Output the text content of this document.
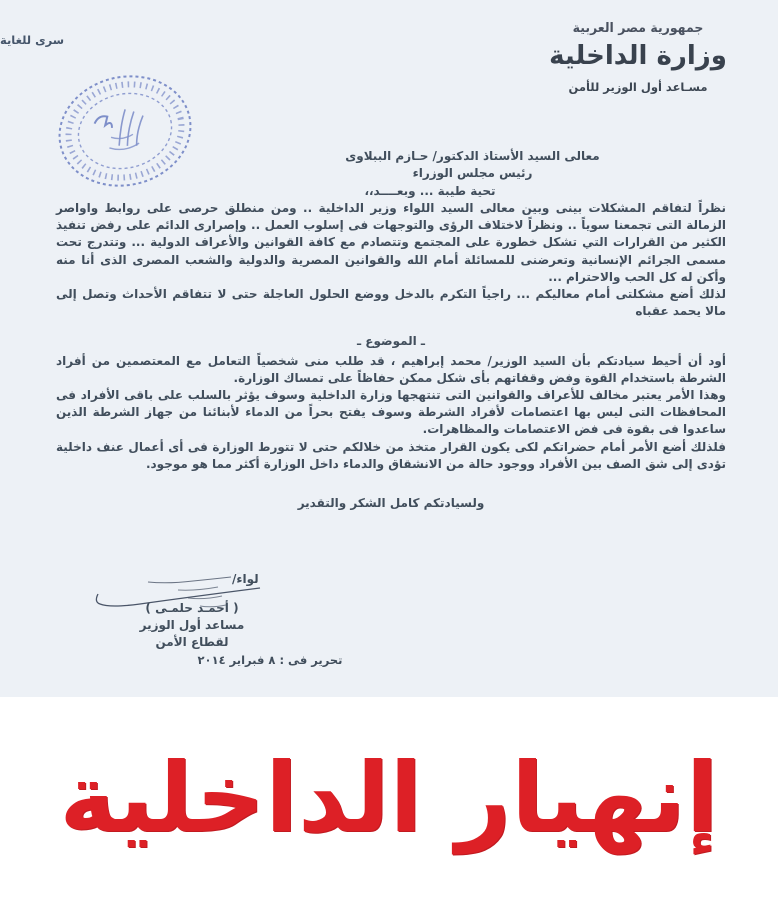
سرى للغاية
جمهورية مصر العربية
وزارة الداخلية
مسـاعد أول الوزير للأمن
معالى السيد الأستاذ الدكتور/ حـازم الببلاوى
رئيس مجلس الوزراء
تحية طيبة ... وبعــــد،،

نظراً لتفاقم المشكلات بينى وبين معالى السيد اللواء وزير الداخلية .. ومن منطلق حرصى على روابط واواصر الزمالة التى تجمعنا سوياً .. ونظراً لاختلاف الرؤى والتوجهات فى إسلوب العمل .. وإصرارى الدائم على رفض تنفيذ الكثير من القرارات التي تشكل خطورة على المجتمع وتتصادم مع كافة القوانين والأعراف الدولية ... وتتدرج تحت مسمى الجرائم الإنسانية وتعرضنى للمسائلة أمام الله والقوانين المصرية والدولية والشعب المصرى الذى أنا منه وأكن له كل الحب والاحترام ...

لذلك أضع مشكلتى أمام معاليكم ... راجياً التكرم بالدخل ووضع الحلول العاجلة حتى لا تتفاقم الأحداث وتصل إلى مالا يحمد عقباه

ـ الموضوع ـ

أود أن أحيط سيادتكم بأن السيد الوزير/ محمد إبراهيم ، قد طلب منى شخصياً التعامل مع المعتصمين من أفراد الشرطة باستخدام القوة وفض وقفاتهم بأى شكل ممكن حفاظاً على تمساك الوزارة.

وهذا الأمر يعتبر مخالف للأعراف والقوانين التى تنتهجها وزارة الداخلية وسوف يؤثر بالسلب على باقى الأفراد فى المحافظات التى ليس بها اعتصامات لأفراد الشرطة وسوف يفتح بحراً من الدماء لأبنائنا من جهاز الشرطة الذين ساعدوا فى بقوة فى فض الاعتصامات والمظاهرات.

فلذلك أضع الأمر أمام حضراتكم لكى يكون القرار متخذ من خلالكم حتى لا تتورط الوزارة فى أى أعمال عنف داخلية تؤدى إلى شق الصف بين الأفراد ووجود حالة من الانشقاق والدماء داخل الوزارة أكثر مما هو موجود.

ولسيادتكم كامل الشكر والتقدير

لواء/
( أحمـد حلمـى )
مساعد أول الوزير
لقطاع الأمن
تحرير فى : ٨ فبراير ٢٠١٤
إنهيار الداخلية
